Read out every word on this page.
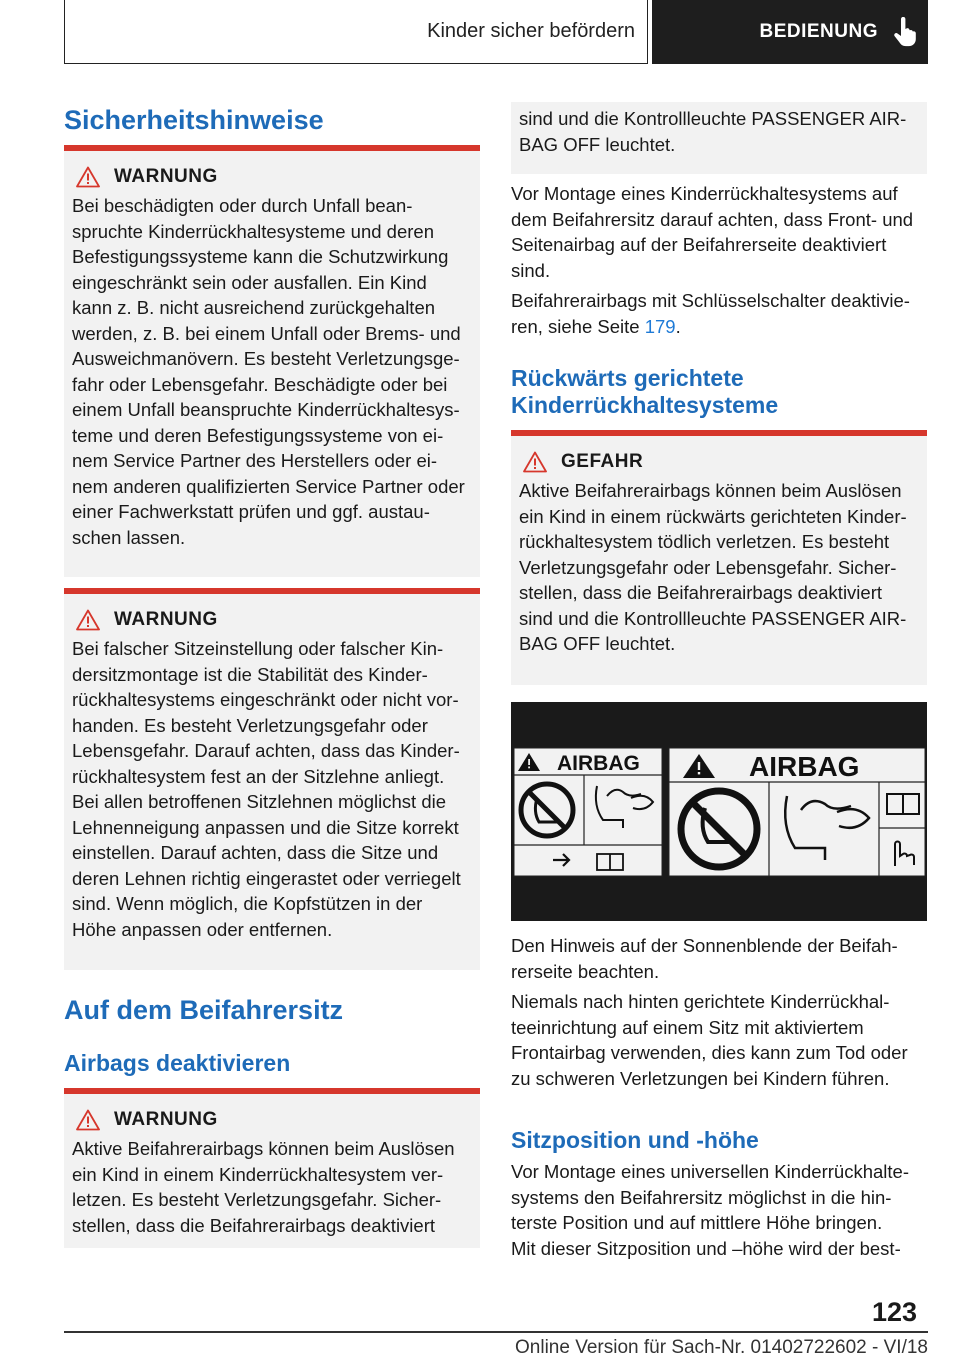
Kinder sicher befördern	BEDIENUNG
Sicherheitshinweise
WARNUNG
Bei beschädigten oder durch Unfall bean-
spruchte Kinderrückhaltesysteme und deren
Befestigungssysteme kann die Schutzwirkung
eingeschränkt sein oder ausfallen. Ein Kind
kann z. B. nicht ausreichend zurückgehalten
werden, z. B. bei einem Unfall oder Brems- und
Ausweichmanövern. Es besteht Verletzungsge-
fahr oder Lebensgefahr. Beschädigte oder bei
einem Unfall beanspruchte Kinderrückhaltesys-
teme und deren Befestigungssysteme von ei-
nem Service Partner des Herstellers oder ei-
nem anderen qualifizierten Service Partner oder
einer Fachwerkstatt prüfen und ggf. austau-
schen lassen.
WARNUNG
Bei falscher Sitzeinstellung oder falscher Kin-
dersitzmontage ist die Stabilität des Kinder-
rückhaltesystems eingeschränkt oder nicht vor-
handen. Es besteht Verletzungsgefahr oder
Lebensgefahr. Darauf achten, dass das Kinder-
rückhaltesystem fest an der Sitzlehne anliegt.
Bei allen betroffenen Sitzlehnen möglichst die
Lehnenneigung anpassen und die Sitze korrekt
einstellen. Darauf achten, dass die Sitze und
deren Lehnen richtig eingerastet oder verriegelt
sind. Wenn möglich, die Kopfstützen in der
Höhe anpassen oder entfernen.
Auf dem Beifahrersitz
Airbags deaktivieren
WARNUNG
Aktive Beifahrerairbags können beim Auslösen
ein Kind in einem Kinderrückhaltesystem ver-
letzen. Es besteht Verletzungsgefahr. Sicher-
stellen, dass die Beifahrerairbags deaktiviert
sind und die Kontrollleuchte PASSENGER AIR-
BAG OFF leuchtet.

Vor Montage eines Kinderrückhaltesystems auf
dem Beifahrersitz darauf achten, dass Front- und
Seitenairbag auf der Beifahrerseite deaktiviert
sind.

Beifahrerairbags mit Schlüsselschalter deaktivie-
ren, siehe Seite 179.

Rückwärts gerichtete
Kinderrückhaltesysteme
GEFAHR
Aktive Beifahrerairbags können beim Auslösen
ein Kind in einem rückwärts gerichteten Kinder-
rückhaltesystem tödlich verletzen. Es besteht
Verletzungsgefahr oder Lebensgefahr. Sicher-
stellen, dass die Beifahrerairbags deaktiviert
sind und die Kontrollleuchte PASSENGER AIR-
BAG OFF leuchtet.
AIRBAG	AIRBAG

Den Hinweis auf der Sonnenblende der Beifah-
rerseite beachten.

Niemals nach hinten gerichtete Kinderrückhal-
teeinrichtung auf einem Sitz mit aktiviertem
Frontairbag verwenden, dies kann zum Tod oder
zu schweren Verletzungen bei Kindern führen.

Sitzposition und -höhe

Vor Montage eines universellen Kinderrückhalte-
systems den Beifahrersitz möglichst in die hin-
terste Position und auf mittlere Höhe bringen.
Mit dieser Sitzposition und –höhe wird der best-

123
Online Version für Sach-Nr. 01402722602 - VI/18
